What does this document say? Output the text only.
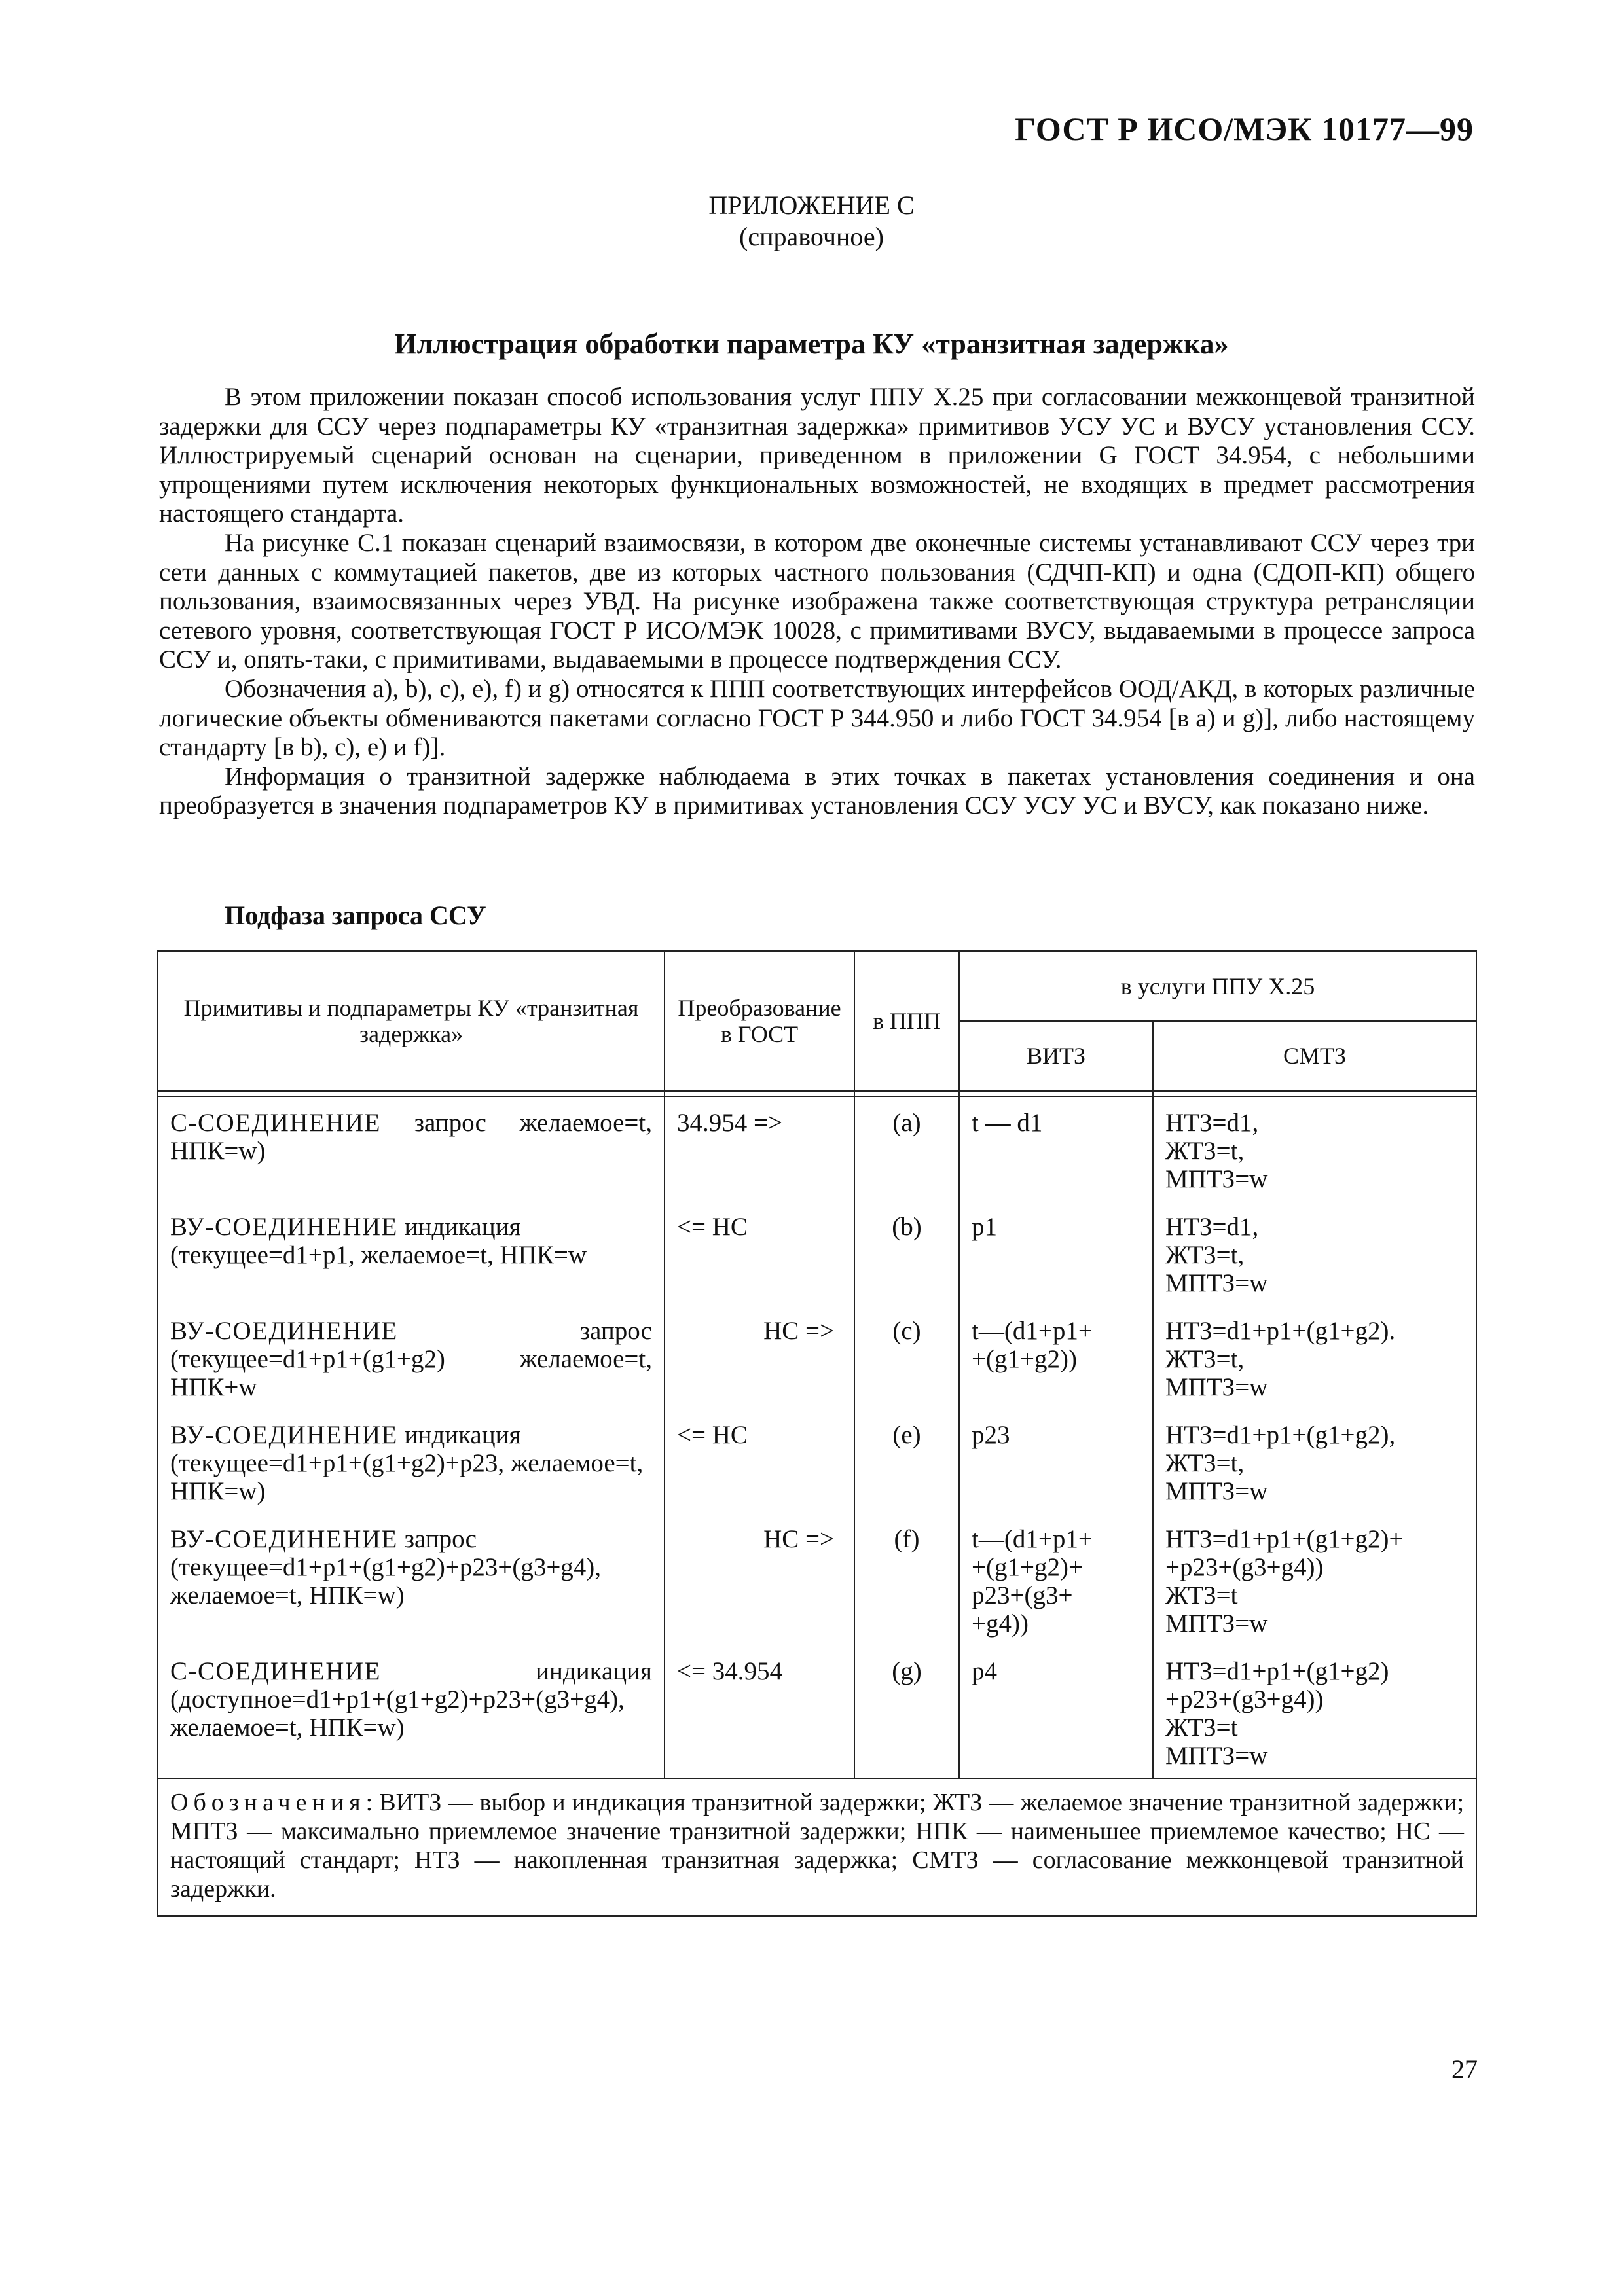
ГОСТ Р ИСО/МЭК 10177—99
ПРИЛОЖЕНИЕ С
(справочное)
Иллюстрация обработки параметра КУ «транзитная задержка»

В этом приложении показан способ использования услуг ППУ Х.25 при согласовании межконцевой транзитной задержки для ССУ через подпараметры КУ «транзитная задержка» примитивов УСУ УС и ВУСУ установления ССУ. Иллюстрируемый сценарий основан на сценарии, приведенном в приложении G ГОСТ 34.954, с небольшими упрощениями путем исключения некоторых функциональных возможностей, не входящих в предмет рассмотрения настоящего стандарта.

На рисунке С.1 показан сценарий взаимосвязи, в котором две оконечные системы устанавливают ССУ через три сети данных с коммутацией пакетов, две из которых частного пользования (СДЧП-КП) и одна (СДОП-КП) общего пользования, взаимосвязанных через УВД. На рисунке изображена также соответствующая структура ретрансляции сетевого уровня, соответствующая ГОСТ Р ИСО/МЭК 10028, с примитивами ВУСУ, выдаваемыми в процессе запроса ССУ и, опять-таки, с примитивами, выдаваемыми в процессе подтверждения ССУ.

Обозначения a), b), c), e), f) и g) относятся к ППП соответствующих интерфейсов ООД/АКД, в которых различные логические объекты обмениваются пакетами согласно ГОСТ Р 344.950 и либо ГОСТ 34.954 [в a) и g)], либо настоящему стандарту [в b), c), e) и f)].

Информация о транзитной задержке наблюдаема в этих точках в пакетах установления соединения и она преобразуется в значения подпараметров КУ в примитивах установления ССУ УСУ УС и ВУСУ, как показано ниже.

Подфаза запроса ССУ
Примитивы и подпараметры КУ «транзитная задержка»	Преобразование в ГОСТ	в ППП	в услуги ППУ Х.25	
			ВИТЗ	СМТЗ

С-СОЕДИНЕНИЕ запрос желаемое=t, НПК=w)	34.954 =>	(a)	t — d1	НТЗ=d1,
ЖТЗ=t,
МПТЗ=w
ВУ-СОЕДИНЕНИЕ индикация (текущее=d1+p1, желаемое=t, НПК=w	<= НС	(b)	p1	НТЗ=d1,
ЖТЗ=t,
МПТЗ=w
ВУ-СОЕДИНЕНИЕ запрос (текущее=d1+p1+(g1+g2) желаемое=t, НПК+w	НС =>	(c)	t—(d1+p1+
+(g1+g2))	НТЗ=d1+p1+(g1+g2).
ЖТЗ=t,
МПТЗ=w
ВУ-СОЕДИНЕНИЕ индикация (текущее=d1+p1+(g1+g2)+p23, желаемое=t, НПК=w)	<= НС	(e)	p23	НТЗ=d1+p1+(g1+g2),
ЖТЗ=t,
МПТЗ=w
ВУ-СОЕДИНЕНИЕ запрос (текущее=d1+p1+(g1+g2)+p23+(g3+g4), желаемое=t, НПК=w)	НС =>	(f)	t—(d1+p1+
+(g1+g2)+
p23+(g3+
+g4))	НТЗ=d1+p1+(g1+g2)+
+p23+(g3+g4))
ЖТЗ=t
МПТЗ=w
С-СОЕДИНЕНИЕ индикация (доступное=d1+p1+(g1+g2)+p23+(g3+g4), желаемое=t, НПК=w)	<= 34.954	(g)	p4	НТЗ=d1+p1+(g1+g2)
+p23+(g3+g4))
ЖТЗ=t
МПТЗ=w
Обозначения: ВИТЗ — выбор и индикация транзитной задержки; ЖТЗ — желаемое значение транзитной задержки; МПТЗ — максимально приемлемое значение транзитной задержки; НПК — наименьшее приемлемое качество; НС — настоящий стандарт; НТЗ — накопленная транзитная задержка; СМТЗ — согласование межконцевой транзитной задержки.				
27
